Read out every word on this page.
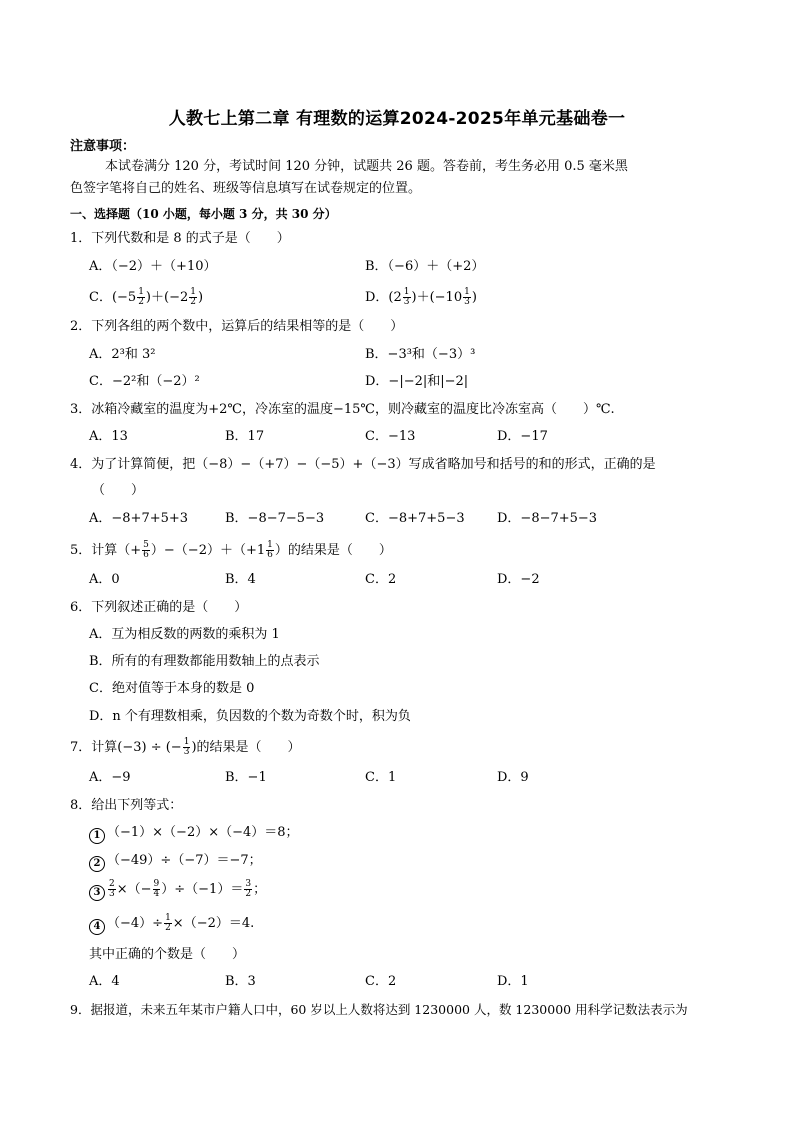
人教七上第二章 有理数的运算2024-2025年单元基础卷一
注意事项：
本试卷满分 120 分，考试时间 120 分钟，试题共 26 题。答卷前，考生务必用 0.5 毫米黑
色签字笔将自己的姓名、班级等信息填写在试卷规定的位置。
一、选择题（10 小题，每小题 3 分，共 30 分）
1．下列代数和是 8 的式子是（　　）
A．（−2）＋（+10）	B．（−6）＋（+2）
C．$(-5 \frac{1}{2} )+(-2 \frac{1}{2}$ )	D．$(2 \frac{1}{3} )+(-10 \frac{1}{3}$ )
2．下列各组的两个数中，运算后的结果相等的是（　　）
A．2³和 3²	B．−3³和（−3）³
C．−2²和（−2）²	D．−|−2|和|−2|
3．冰箱冷藏室的温度为+2℃，冷冻室的温度−15℃，则冷藏室的温度比冷冻室高（　　）℃.
A．13	B．17	C．−13	D．−17
4．为了计算简便，把（−8）−（+7）−（−5）+（−3）写成省略加号和括号的和的形式，正确的是
（　　）
A．−8+7+5+3	B．−8−7−5−3	C．−8+7+5−3 D．−8−7+5−3
5．计算（+ $\frac{5}{6} )-(-2)+(+1 \frac{1}{6}$ ）的结果是（　　）
A．0	B．4	C．2	D．−2
6．下列叙述正确的是（　　）
A．互为相反数的两数的乘积为 1
B．所有的有理数都能用数轴上的点表示
C．绝对值等于本身的数是 0
D．n 个有理数相乘，负因数的个数为奇数个时，积为负
7．计算(−3) ÷ (− $\frac{1}{3}$ )的结果是（　　）
A．−9	B．−1	C．1	D．9
8．给出下列等式：
1 （−1）×（−2）×（−4）＝8；
2 （−49）÷（−7）＝−7；
$3 \frac{2}{3}$ ×（− $\frac{9}{4} )\div(-1)= \frac{3}{2}$ ；
4 $(-4)\div \frac{1}{2} \times(-2)=4$.
其中正确的个数是（　　）
A．4	B．3	C．2	D．1
9．据报道，未来五年某市户籍人口中，60 岁以上人数将达到 1230000 人，数 1230000 用科学记数法表示为
